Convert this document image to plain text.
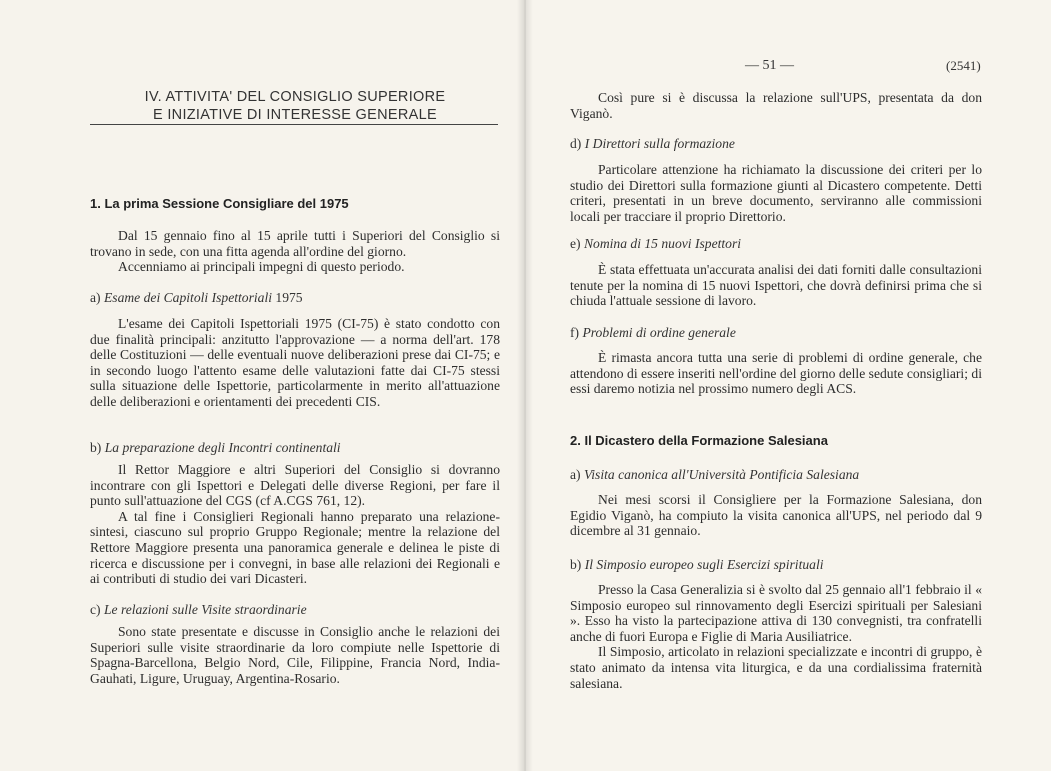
IV. ATTIVITA' DEL CONSIGLIO SUPERIORE
E INIZIATIVE DI INTERESSE GENERALE
1. La prima Sessione Consigliare del 1975

Dal 15 gennaio fino al 15 aprile tutti i Superiori del Consiglio si trovano in sede, con una fitta agenda all'ordine del giorno.

Accenniamo ai principali impegni di questo periodo.

a) Esame dei Capitoli Ispettoriali 1975

L'esame dei Capitoli Ispettoriali 1975 (CI-75) è stato condotto con due finalità principali: anzitutto l'approvazione — a norma dell'art. 178 delle Costituzioni — delle eventuali nuove deliberazioni prese dai CI-75; e in secondo luogo l'attento esame delle valutazioni fatte dai CI-75 stessi sulla situazione delle Ispettorie, particolarmente in merito all'attuazione delle deliberazioni e orientamenti dei precedenti CIS.

b) La preparazione degli Incontri continentali

Il Rettor Maggiore e altri Superiori del Consiglio si dovranno incontrare con gli Ispettori e Delegati delle diverse Regioni, per fare il punto sull'attuazione del CGS (cf A.CGS 761, 12).

A tal fine i Consiglieri Regionali hanno preparato una relazione-sintesi, ciascuno sul proprio Gruppo Regionale; mentre la relazione del Rettore Maggiore presenta una panoramica generale e delinea le piste di ricerca e discussione per i convegni, in base alle relazioni dei Regionali e ai contributi di studio dei vari Dicasteri.

c) Le relazioni sulle Visite straordinarie

Sono state presentate e discusse in Consiglio anche le relazioni dei Superiori sulle visite straordinarie da loro compiute nelle Ispettorie di Spagna-Barcellona, Belgio Nord, Cile, Filippine, Francia Nord, India-Gauhati, Ligure, Uruguay, Argentina-Rosario.

— 51 —	(2541)

Così pure si è discussa la relazione sull'UPS, presentata da don Viganò.

d) I Direttori sulla formazione

Particolare attenzione ha richiamato la discussione dei criteri per lo studio dei Direttori sulla formazione giunti al Dicastero competente. Detti criteri, presentati in un breve documento, serviranno alle commissioni locali per tracciare il proprio Direttorio.

e) Nomina di 15 nuovi Ispettori

È stata effettuata un'accurata analisi dei dati forniti dalle consultazioni tenute per la nomina di 15 nuovi Ispettori, che dovrà definirsi prima che si chiuda l'attuale sessione di lavoro.

f) Problemi di ordine generale

È rimasta ancora tutta una serie di problemi di ordine generale, che attendono di essere inseriti nell'ordine del giorno delle sedute consigliari; di essi daremo notizia nel prossimo numero degli ACS.

2. Il Dicastero della Formazione Salesiana
a) Visita canonica all'Università Pontificia Salesiana

Nei mesi scorsi il Consigliere per la Formazione Salesiana, don Egidio Viganò, ha compiuto la visita canonica all'UPS, nel periodo dal 9 dicembre al 31 gennaio.

b) Il Simposio europeo sugli Esercizi spirituali

Presso la Casa Generalizia si è svolto dal 25 gennaio all'1 febbraio il « Simposio europeo sul rinnovamento degli Esercizi spirituali per Salesiani ». Esso ha visto la partecipazione attiva di 130 convegnisti, tra confratelli anche di fuori Europa e Figlie di Maria Ausiliatrice.

Il Simposio, articolato in relazioni specializzate e incontri di gruppo, è stato animato da intensa vita liturgica, e da una cordialissima fraternità salesiana.
